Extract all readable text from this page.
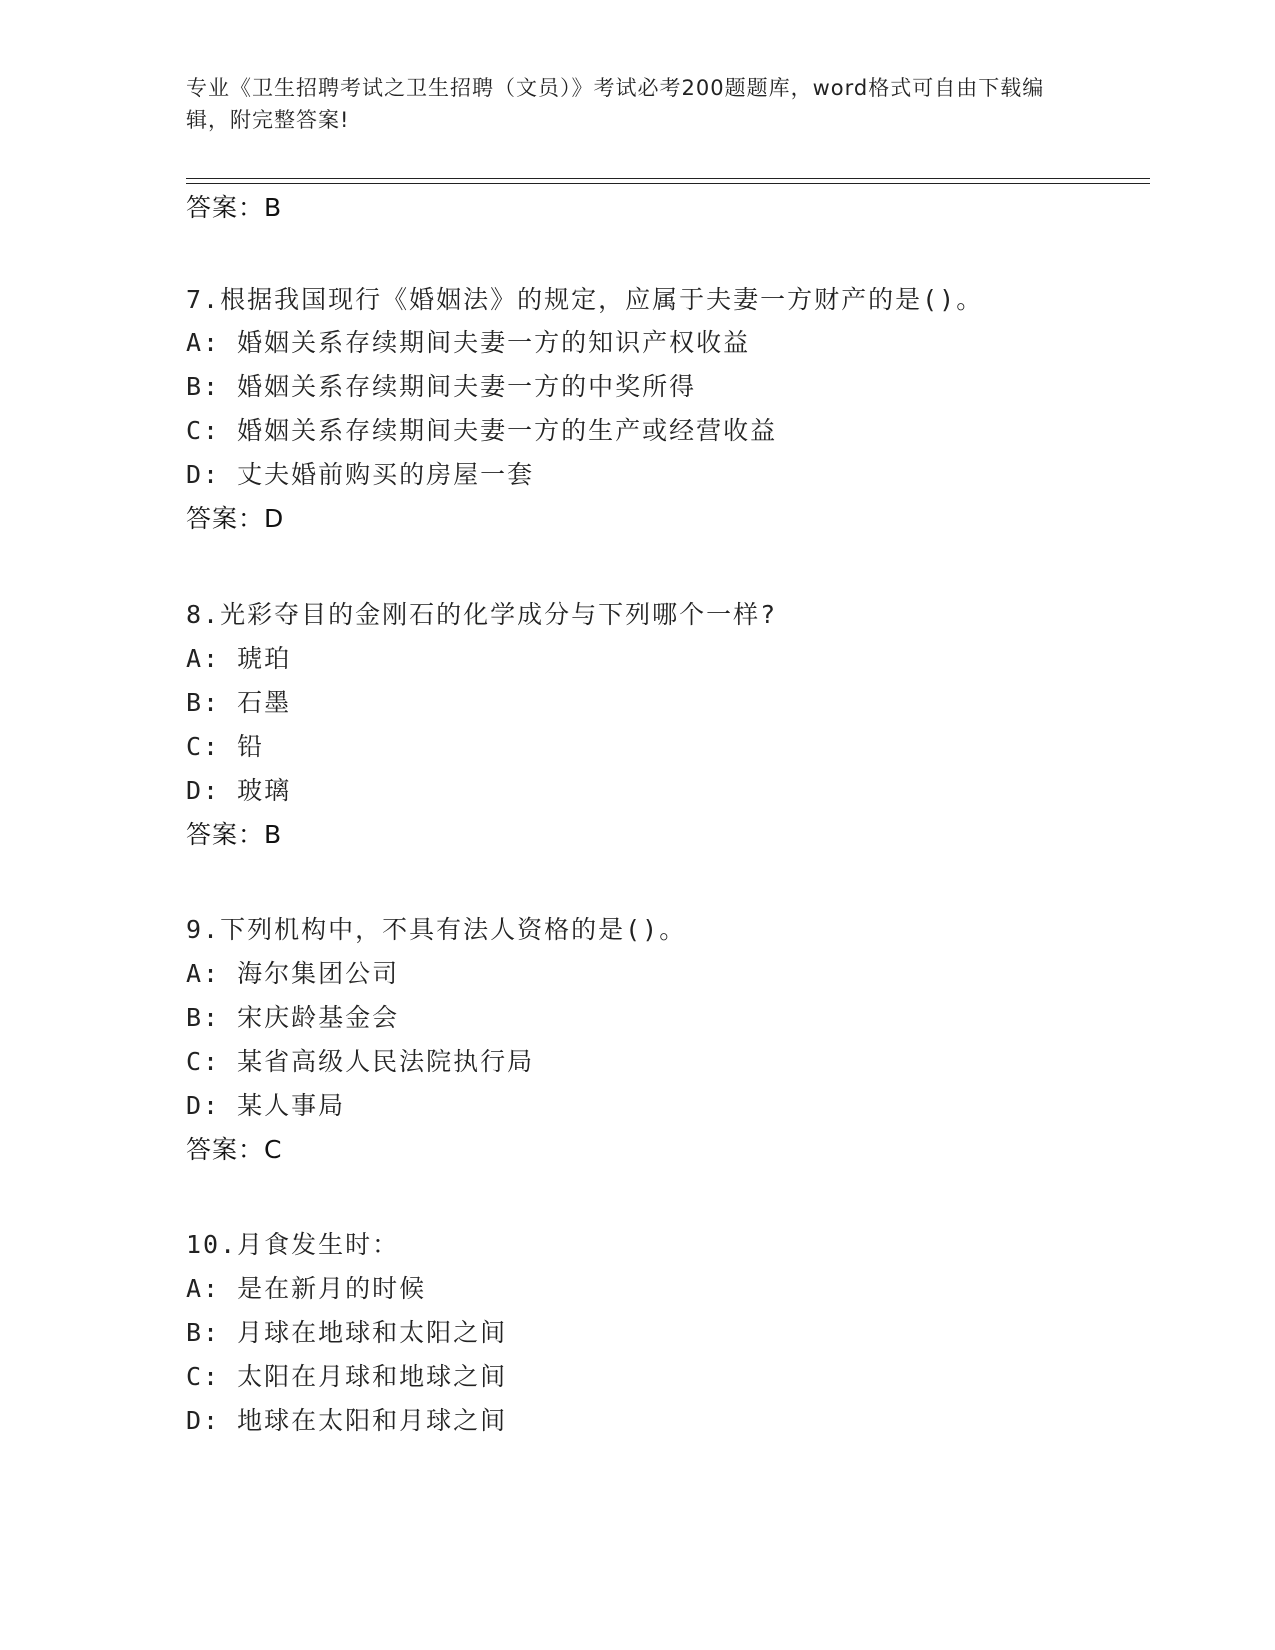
专业《卫生招聘考试之卫生招聘（文员）》考试必考200题题库，word格式可自由下载编辑，附完整答案!
答案：B
7.根据我国现行《婚姻法》的规定，应属于夫妻一方财产的是()。
A: 婚姻关系存续期间夫妻一方的知识产权收益
B: 婚姻关系存续期间夫妻一方的中奖所得
C: 婚姻关系存续期间夫妻一方的生产或经营收益
D: 丈夫婚前购买的房屋一套
答案：D
8.光彩夺目的金刚石的化学成分与下列哪个一样?
A: 琥珀
B: 石墨
C: 铅
D: 玻璃
答案：B
9.下列机构中，不具有法人资格的是()。
A: 海尔集团公司
B: 宋庆龄基金会
C: 某省高级人民法院执行局
D: 某人事局
答案：C
10.月食发生时：
A: 是在新月的时候
B: 月球在地球和太阳之间
C: 太阳在月球和地球之间
D: 地球在太阳和月球之间
